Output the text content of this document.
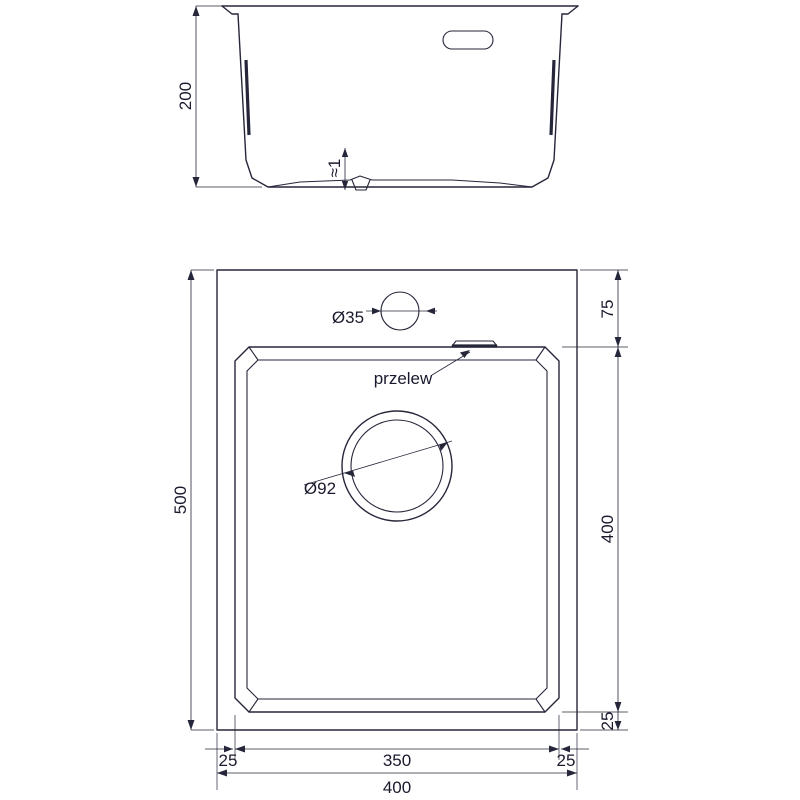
200
≈1
Ø35
przelew
Ø92
500
400
350
25	25
75
400
25
